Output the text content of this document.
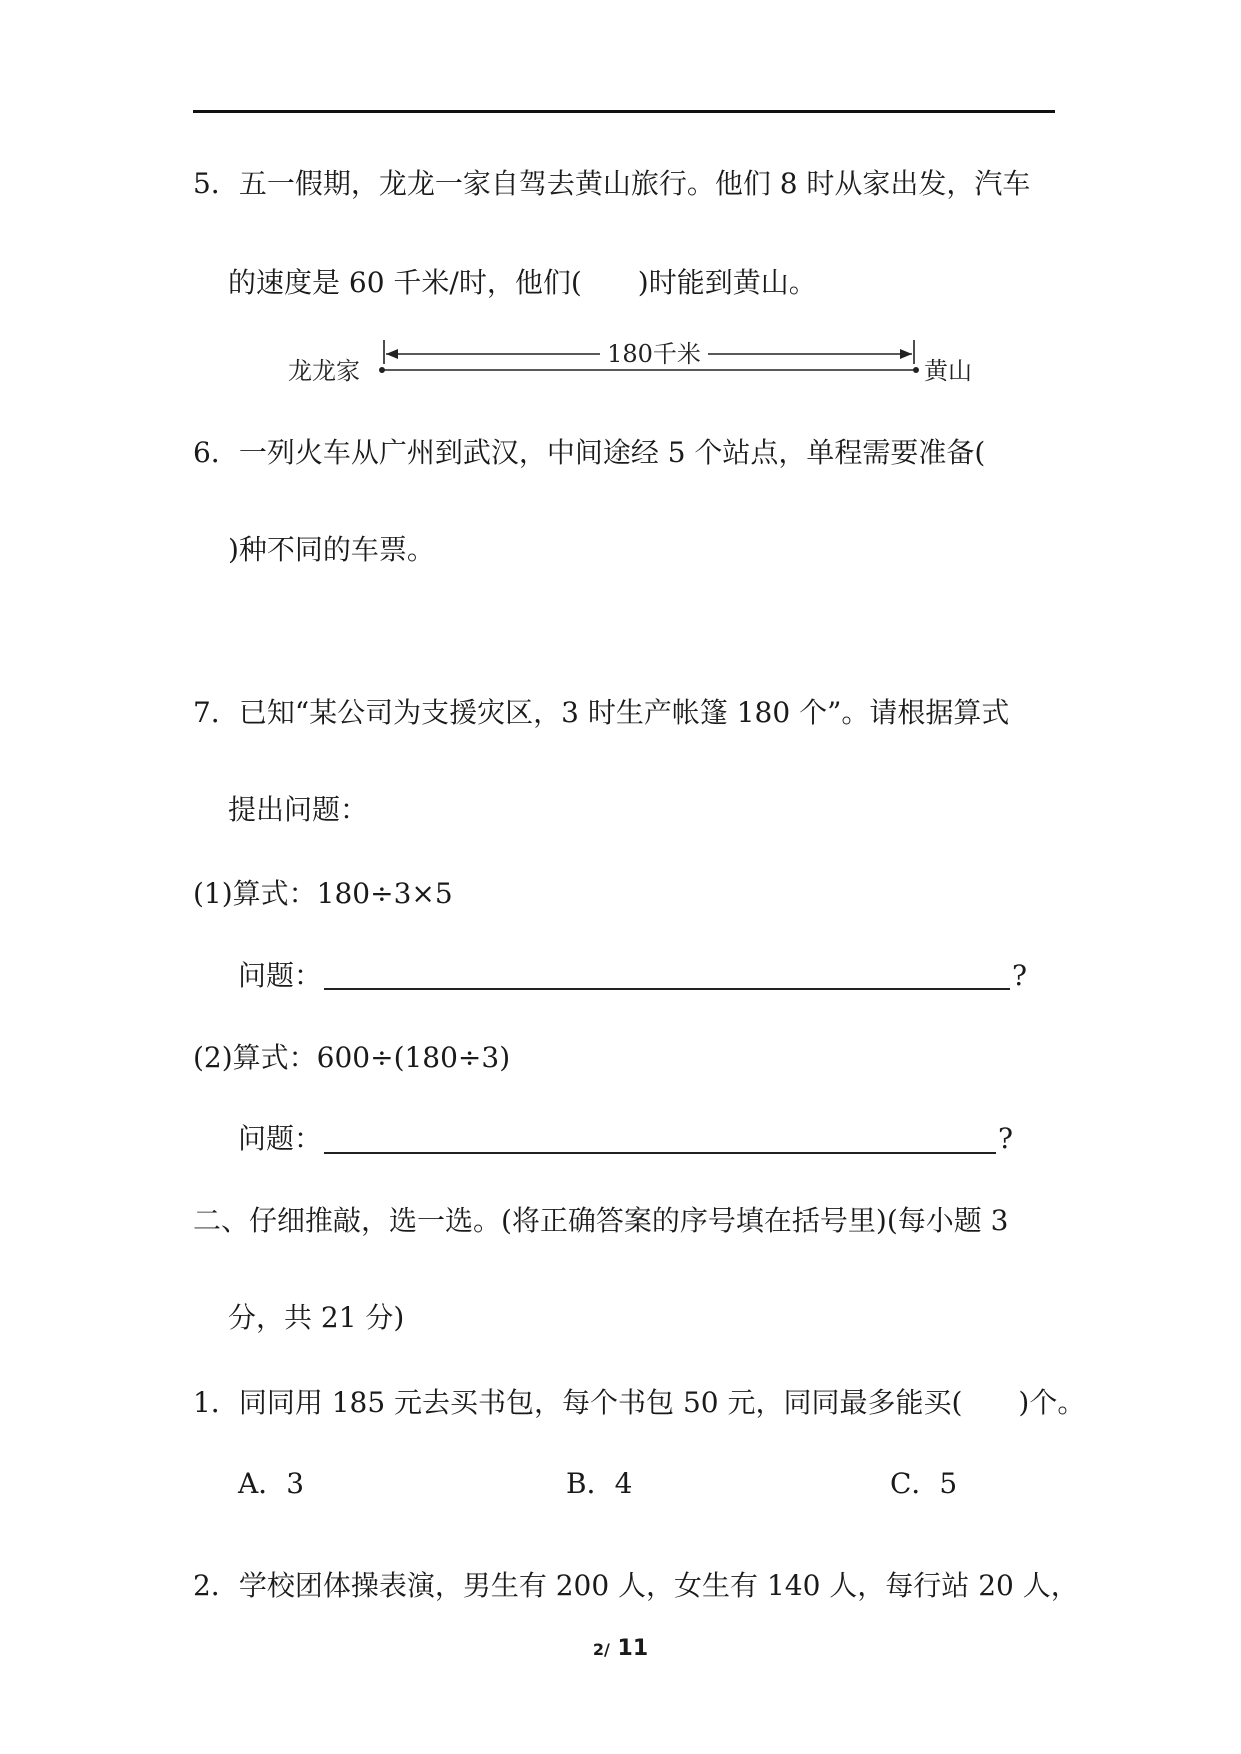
5．五一假期，龙龙一家自驾去黄山旅行。他们 8 时从家出发，汽车
的速度是 60 千米/时，他们(　　)时能到黄山。
180千米
龙龙家	黄山
6．一列火车从广州到武汉，中间途经 5 个站点，单程需要准备(
)种不同的车票。
7．已知“某公司为支援灾区，3 时生产帐篷 180 个”。请根据算式
提出问题：
(1)算式：180÷3×5
问题：	?
(2)算式：600÷(180÷3)
问题：	?
二、仔细推敲，选一选。(将正确答案的序号填在括号里)(每小题 3
分，共 21 分)
1．同同用 185 元去买书包，每个书包 50 元，同同最多能买(　　)个。
A．3	B．4	C．5
2．学校团体操表演，男生有 200 人，女生有 140 人，每行站 20 人，
2/ 11
